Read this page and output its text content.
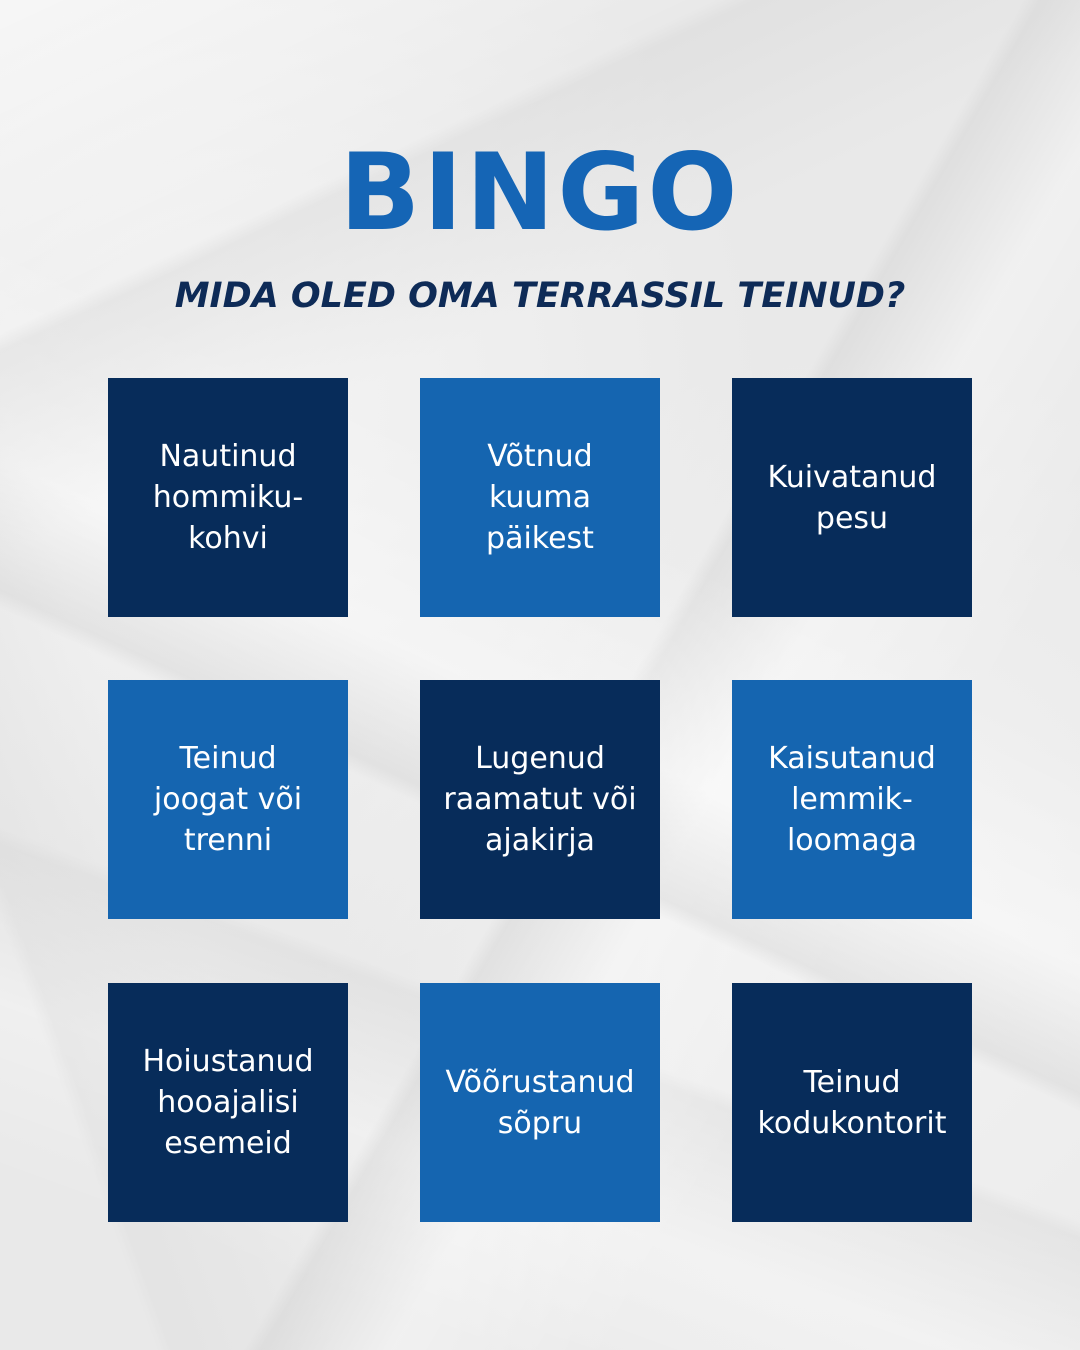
BINGO
MIDA OLED OMA TERRASSIL TEINUD?
Nautinud
hommiku-
kohvi
Võtnud
kuuma
päikest
Kuivatanud
pesu
Teinud
joogat või
trenni
Lugenud
raamatut või
ajakirja
Kaisutanud
lemmik-
loomaga
Hoiustanud
hooajalisi
esemeid
Võõrustanud
sõpru
Teinud
kodukontorit
